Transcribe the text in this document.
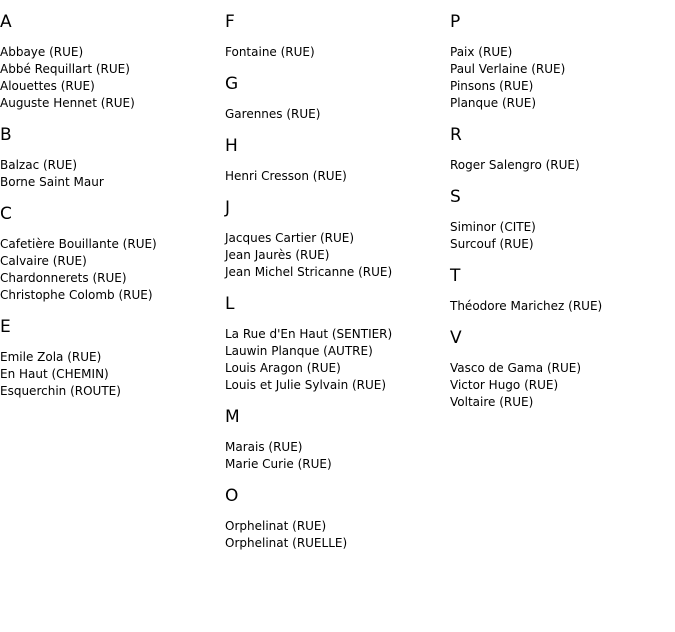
A
Abbaye (RUE)
Abbé Requillart (RUE)
Alouettes (RUE)
Auguste Hennet (RUE)
B
Balzac (RUE)
Borne Saint Maur
C
Cafetière Bouillante (RUE)
Calvaire (RUE)
Chardonnerets (RUE)
Christophe Colomb (RUE)
E
Emile Zola (RUE)
En Haut (CHEMIN)
Esquerchin (ROUTE)
F
Fontaine (RUE)
G
Garennes (RUE)
H
Henri Cresson (RUE)
J
Jacques Cartier (RUE)
Jean Jaurès (RUE)
Jean Michel Stricanne (RUE)
L
La Rue d'En Haut (SENTIER)
Lauwin Planque (AUTRE)
Louis Aragon (RUE)
Louis et Julie Sylvain (RUE)
M
Marais (RUE)
Marie Curie (RUE)
O
Orphelinat (RUE)
Orphelinat (RUELLE)
P
Paix (RUE)
Paul Verlaine (RUE)
Pinsons (RUE)
Planque (RUE)
R
Roger Salengro (RUE)
S
Siminor (CITE)
Surcouf (RUE)
T
Théodore Marichez (RUE)
V
Vasco de Gama (RUE)
Victor Hugo (RUE)
Voltaire (RUE)
